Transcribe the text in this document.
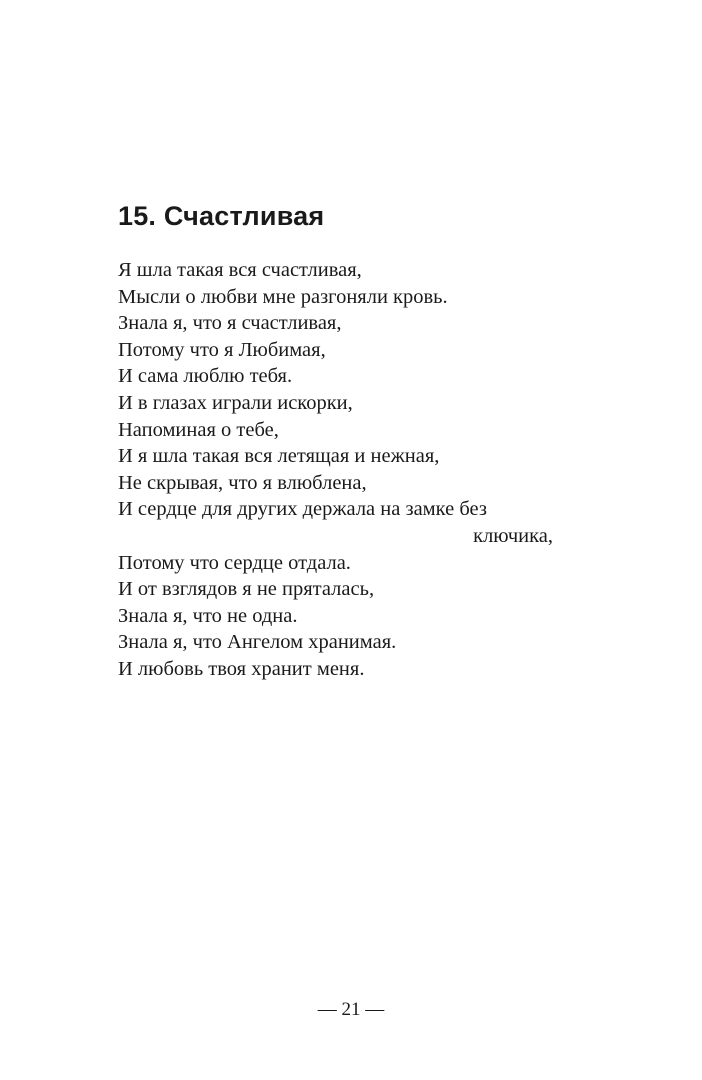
15. Счастливая
Я шла такая вся счастливая,
Мысли о любви мне разгоняли кровь.
Знала я, что я счастливая,
Потому что я Любимая,
И сама люблю тебя.
И в глазах играли искорки,
Напоминая о тебе,
И я шла такая вся летящая и нежная,
Не скрывая, что я влюблена,
И сердце для других держала на замке без
ключика,
Потому что сердце отдала.
И от взглядов я не пряталась,
Знала я, что не одна.
Знала я, что Ангелом хранимая.
И любовь твоя хранит меня.
— 21 —
